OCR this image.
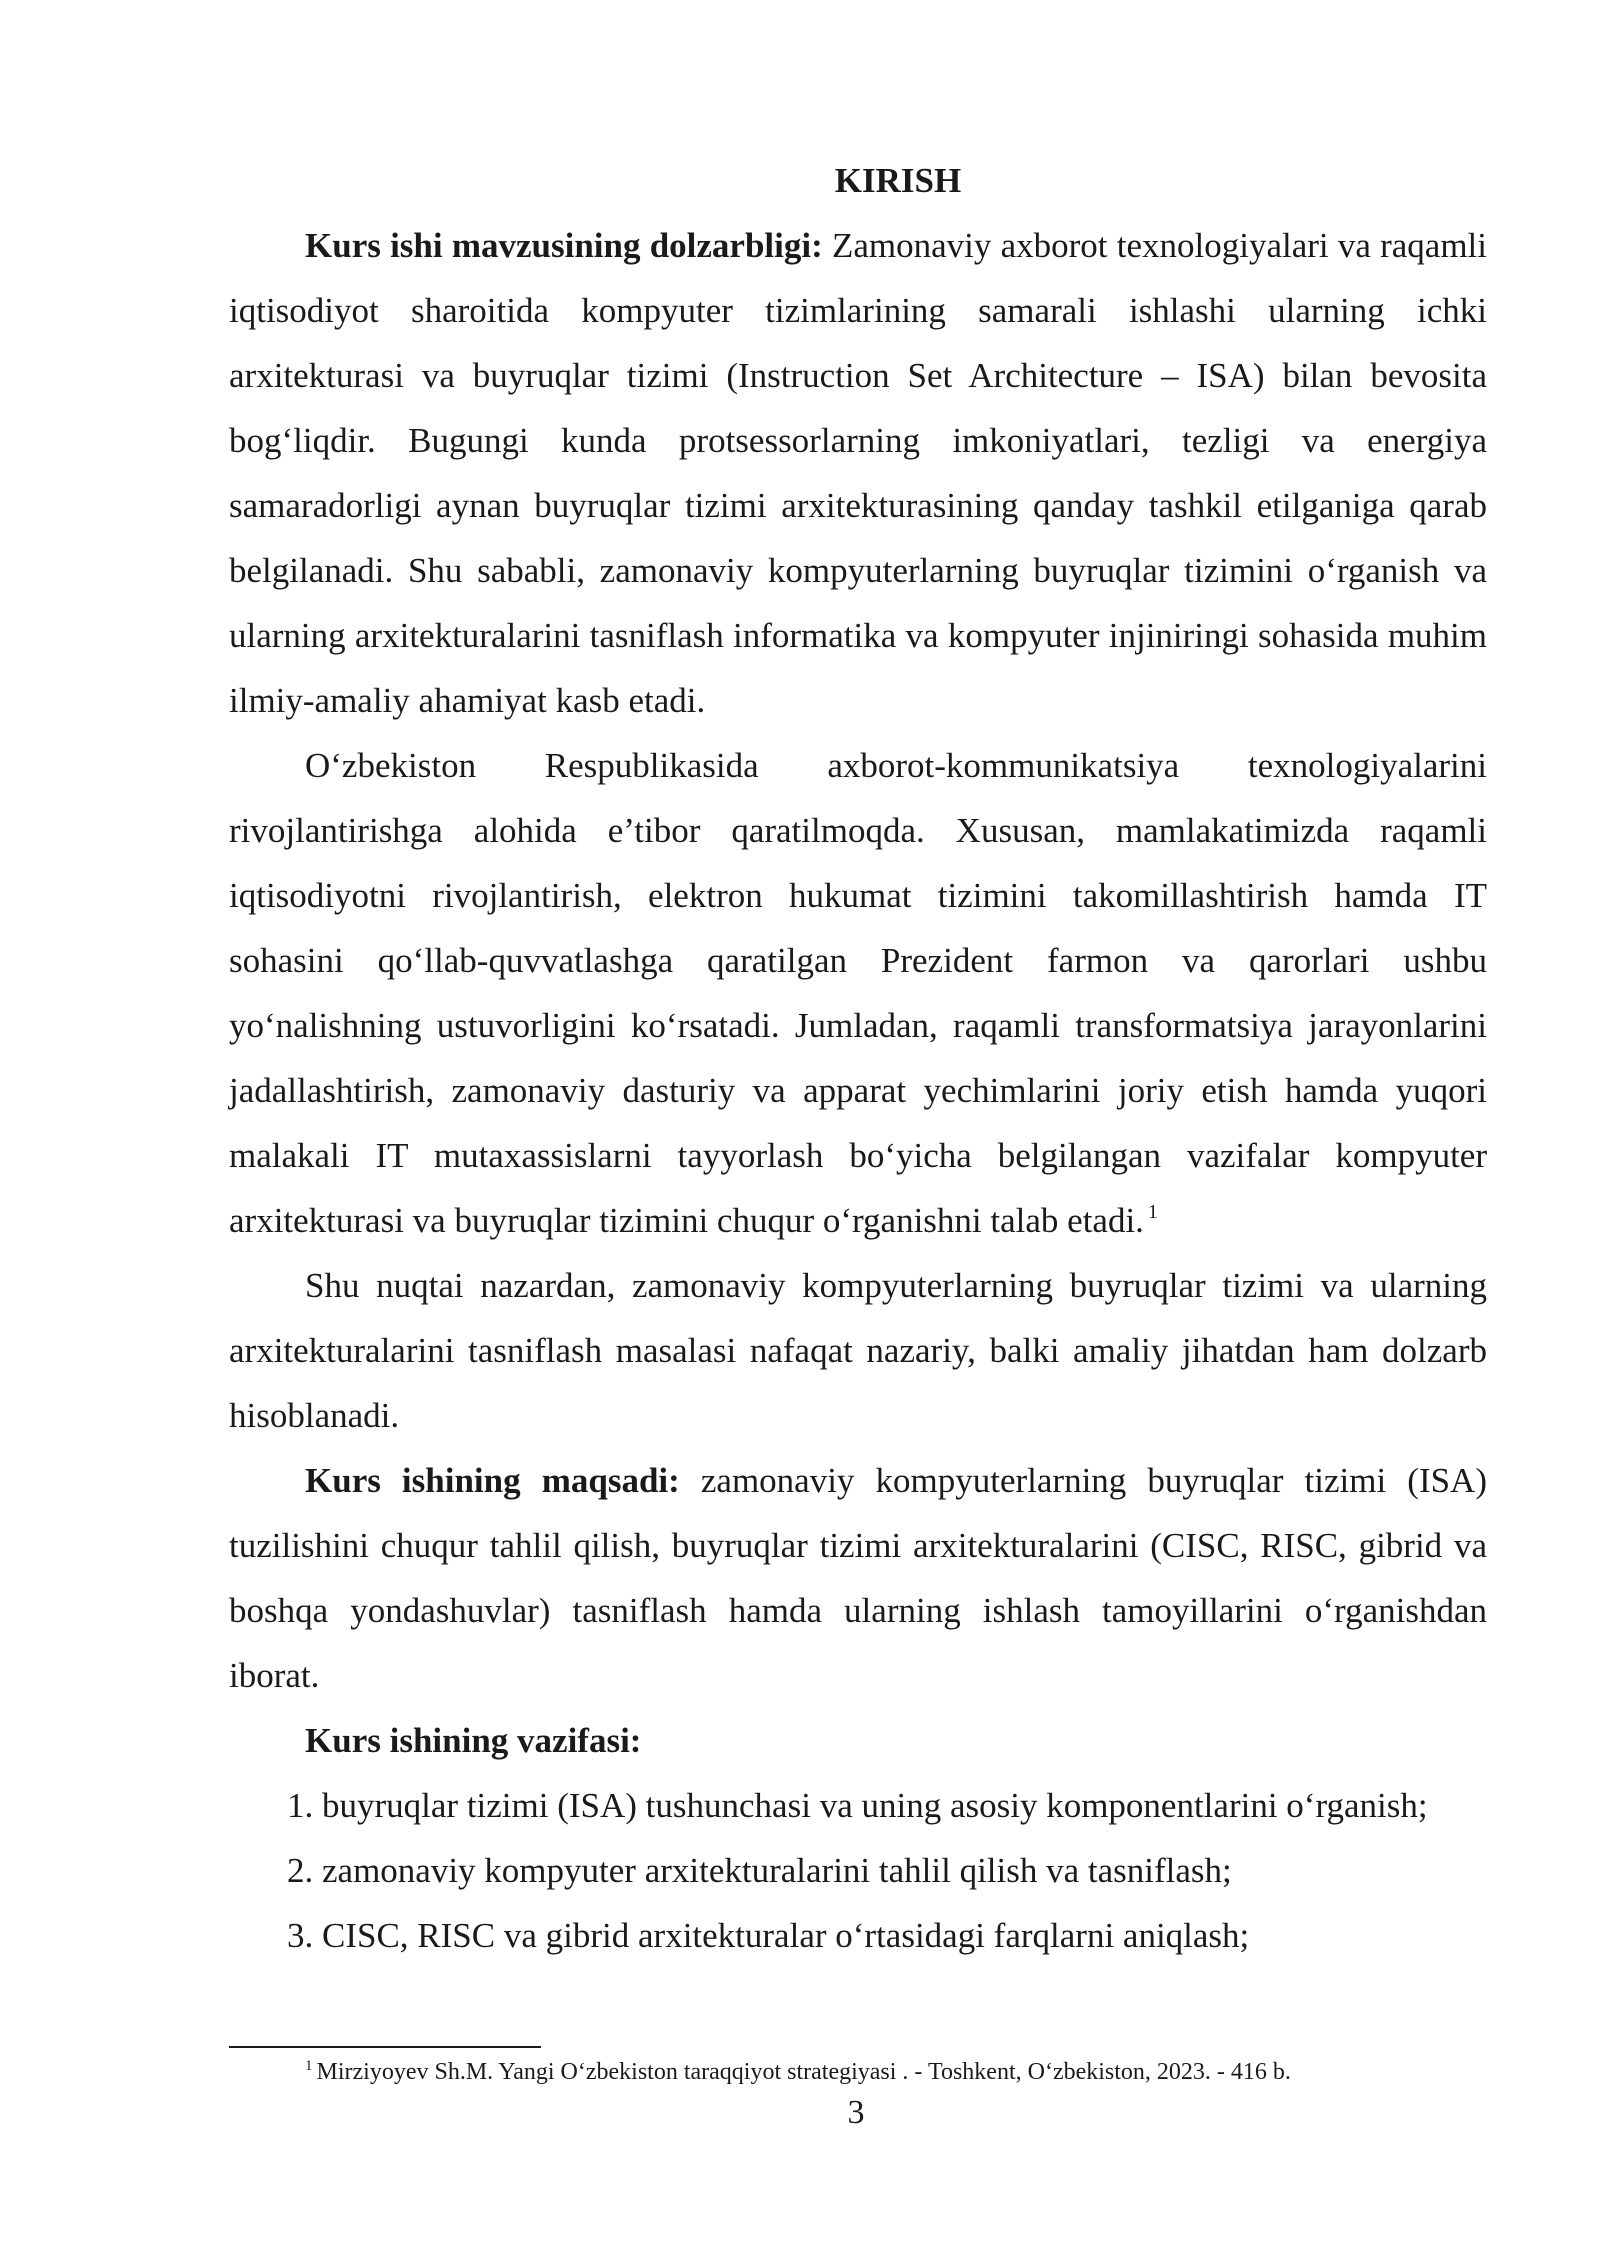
KIRISH

Kurs ishi mavzusining dolzarbligi: Zamonaviy axborot texnologiyalari va raqamli iqtisodiyot sharoitida kompyuter tizimlarining samarali ishlashi ularning ichki arxitekturasi va buyruqlar tizimi (Instruction Set Architecture – ISA) bilan bevosita bog‘liqdir. Bugungi kunda protsessorlarning imkoniyatlari, tezligi va energiya samaradorligi aynan buyruqlar tizimi arxitekturasining qanday tashkil etilganiga qarab belgilanadi. Shu sababli, zamonaviy kompyuterlarning buyruqlar tizimini o‘rganish va ularning arxitekturalarini tasniflash informatika va kompyuter injiniringi sohasida muhim ilmiy-amaliy ahamiyat kasb etadi.

O‘zbekiston Respublikasida axborot-kommunikatsiya texnologiyalarini rivojlantirishga alohida e’tibor qaratilmoqda. Xususan, mamlakatimizda raqamli iqtisodiyotni rivojlantirish, elektron hukumat tizimini takomillashtirish hamda IT sohasini qo‘llab-quvvatlashga qaratilgan Prezident farmon va qarorlari ushbu yo‘nalishning ustuvorligini ko‘rsatadi. Jumladan, raqamli transformatsiya jarayonlarini jadallashtirish, zamonaviy dasturiy va apparat yechimlarini joriy etish hamda yuqori malakali IT mutaxassislarni tayyorlash bo‘yicha belgilangan vazifalar kompyuter arxitekturasi va buyruqlar tizimini chuqur o‘rganishni talab etadi. $^1$

Shu nuqtai nazardan, zamonaviy kompyuterlarning buyruqlar tizimi va ularning arxitekturalarini tasniflash masalasi nafaqat nazariy, balki amaliy jihatdan ham dolzarb hisoblanadi.

Kurs ishining maqsadi: zamonaviy kompyuterlarning buyruqlar tizimi (ISA) tuzilishini chuqur tahlil qilish, buyruqlar tizimi arxitekturalarini (CISC, RISC, gibrid va boshqa yondashuvlar) tasniflash hamda ularning ishlash tamoyillarini o‘rganishdan iborat.

Kurs ishining vazifasi:

1. buyruqlar tizimi (ISA) tushunchasi va uning asosiy komponentlarini o‘rganish;
2. zamonaviy kompyuter arxitekturalarini tahlil qilish va tasniflash;
3. CISC, RISC va gibrid arxitekturalar o‘rtasidagi farqlarni aniqlash;

$^1$ Mirziyoyev Sh.M. Yangi O‘zbekiston taraqqiyot strategiyasi . - Toshkent, O‘zbekiston, 2023. - 416 b.

3
